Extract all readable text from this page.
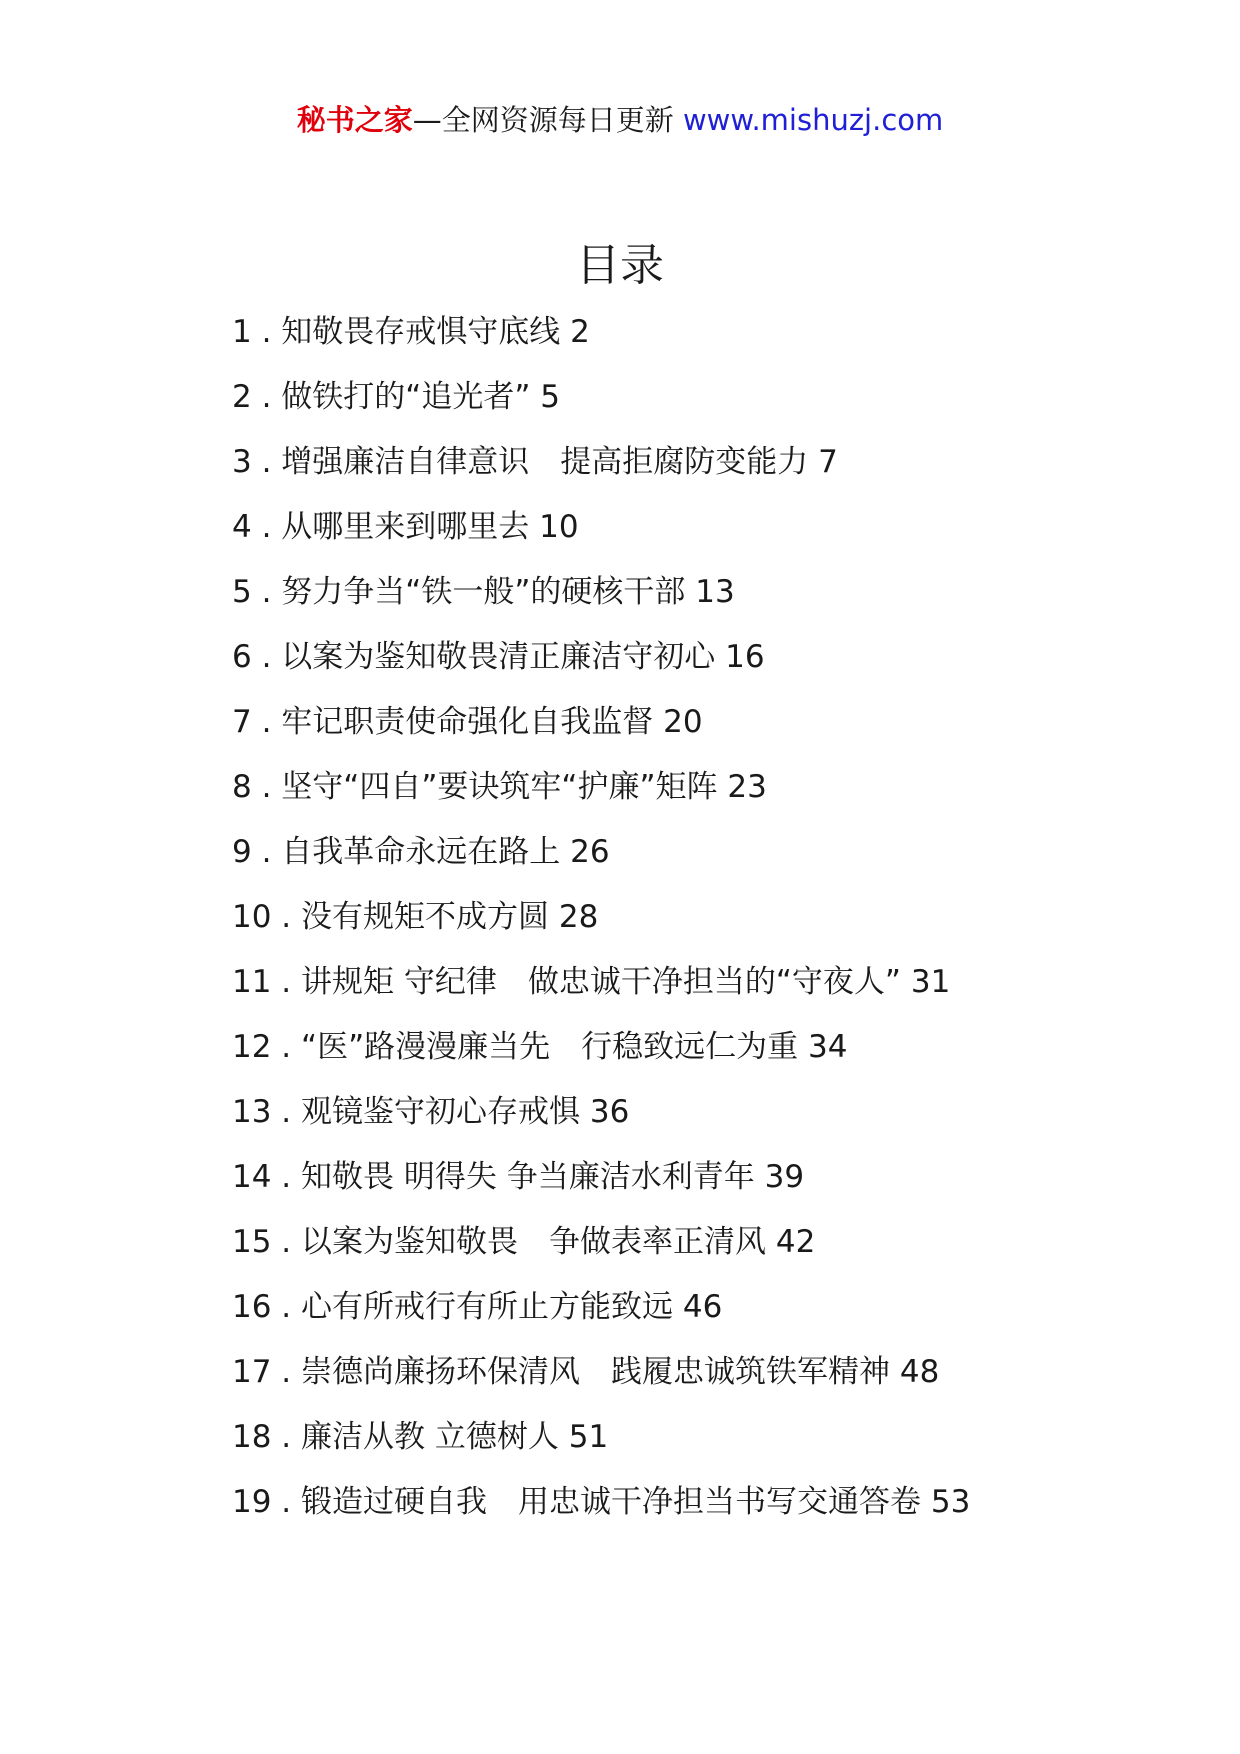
秘书之家—全网资源每日更新 www.mishuzj.com
目录
1 . 知敬畏存戒惧守底线 2
2 . 做铁打的“追光者” 5
3 . 增强廉洁自律意识　提高拒腐防变能力 7
4 . 从哪里来到哪里去 10
5 . 努力争当“铁一般”的硬核干部 13
6 . 以案为鉴知敬畏清正廉洁守初心 16
7 . 牢记职责使命强化自我监督 20
8 . 坚守“四自”要诀筑牢“护廉”矩阵 23
9 . 自我革命永远在路上 26
10 . 没有规矩不成方圆 28
11 . 讲规矩 守纪律　做忠诚干净担当的“守夜人” 31
12 . “医”路漫漫廉当先　行稳致远仁为重 34
13 . 观镜鉴守初心存戒惧 36
14 . 知敬畏 明得失 争当廉洁水利青年 39
15 . 以案为鉴知敬畏　争做表率正清风 42
16 . 心有所戒行有所止方能致远 46
17 . 崇德尚廉扬环保清风　践履忠诚筑铁军精神 48
18 . 廉洁从教 立德树人 51
19 . 锻造过硬自我　用忠诚干净担当书写交通答卷 53
